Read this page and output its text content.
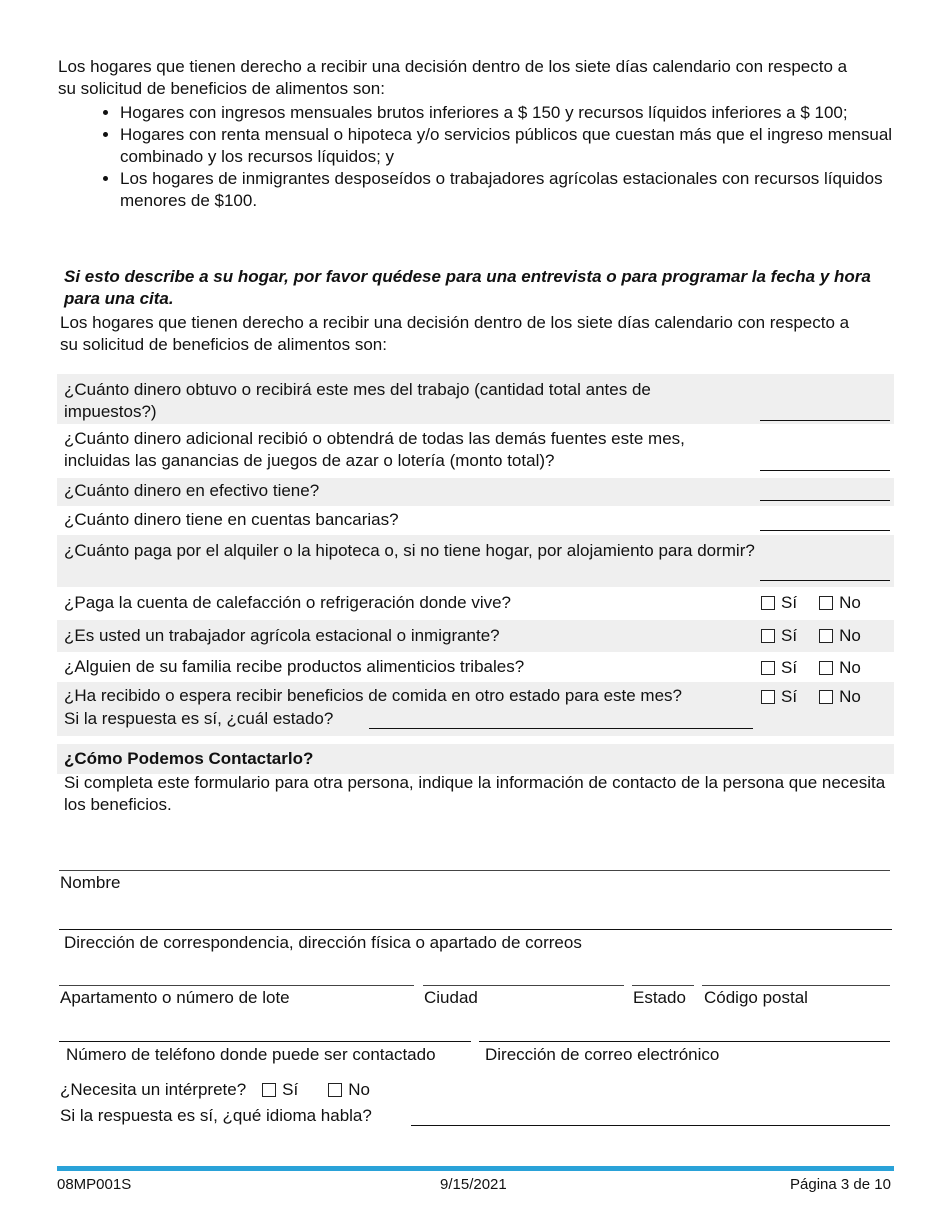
Los hogares que tienen derecho a recibir una decisión dentro de los siete días calendario con respecto a su solicitud de beneficios de alimentos son:

• Hogares con ingresos mensuales brutos inferiores a $ 150 y recursos líquidos inferiores a $ 100;
• Hogares con renta mensual o hipoteca y/o servicios públicos que cuestan más que el ingreso mensual combinado y los recursos líquidos; y
• Los hogares de inmigrantes desposeídos o trabajadores agrícolas estacionales con recursos líquidos menores de $100.

Si esto describe a su hogar, por favor quédese para una entrevista o para programar la fecha y hora para una cita.

Los hogares que tienen derecho a recibir una decisión dentro de los siete días calendario con respecto a su solicitud de beneficios de alimentos son:

¿Cuánto dinero obtuvo o recibirá este mes del trabajo (cantidad total antes de impuestos?)
¿Cuánto dinero adicional recibió o obtendrá de todas las demás fuentes este mes, incluidas las ganancias de juegos de azar o lotería (monto total)?
¿Cuánto dinero en efectivo tiene?
¿Cuánto dinero tiene en cuentas bancarias?
¿Cuánto paga por el alquiler o la hipoteca o, si no tiene hogar, por alojamiento para dormir?
¿Paga la cuenta de calefacción o refrigeración donde vive?	Sí No
¿Es usted un trabajador agrícola estacional o inmigrante?	Sí No
¿Alguien de su familia recibe productos alimenticios tribales?	Sí No
¿Ha recibido o espera recibir beneficios de comida en otro estado para este mes?
Si la respuesta es sí, ¿cuál estado?
Sí No
¿Cómo Podemos Contactarlo?

Si completa este formulario para otra persona, indique la información de contacto de la persona que necesita los beneficios.

Nombre
Dirección de correspondencia, dirección física o apartado de correos
Apartamento o número de lote	Ciudad	Estado Código postal
Número de teléfono donde puede ser contactado	Dirección de correo electrónico
¿Necesita un intérprete? Sí	No
Si la respuesta es sí, ¿qué idioma habla?
08MP001S	9/15/2021	Página 3 de 10
